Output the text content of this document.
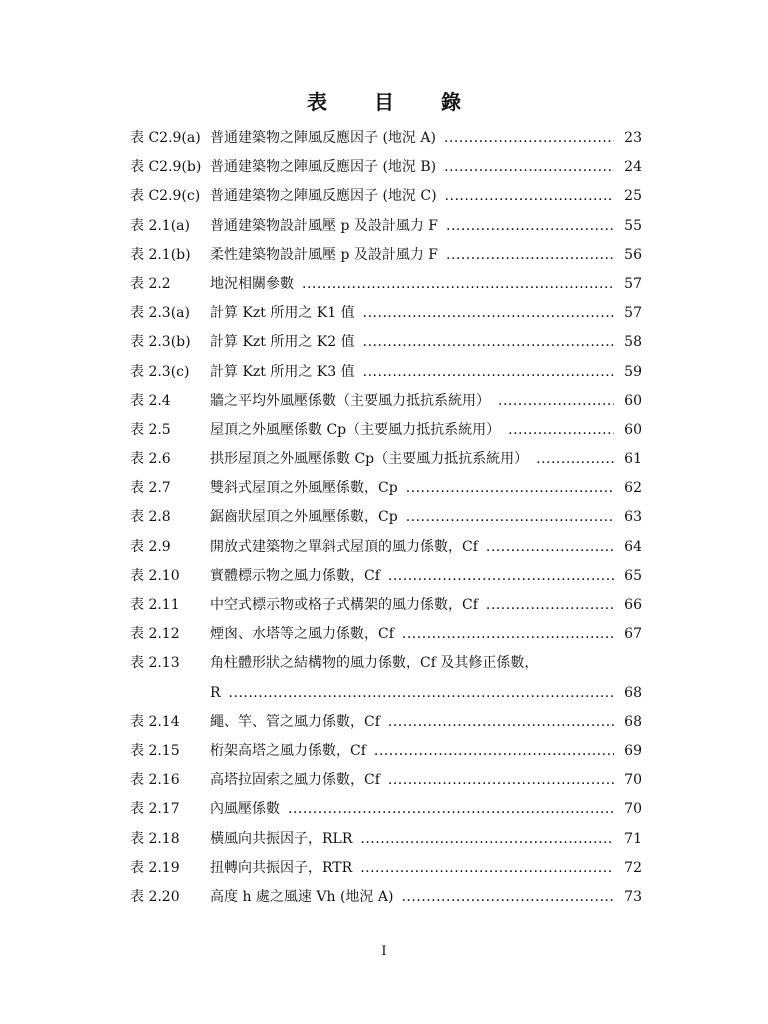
表 目 錄
表 C2.9(a) 普通建築物之陣風反應因子 (地況 A) .....	23
表 C2.9(b) 普通建築物之陣風反應因子 (地況 B) .....	24
表 C2.9(c) 普通建築物之陣風反應因子 (地況 C) .....	25
表 2.1(a)	普通建築物設計風壓 p 及設計風力 F .....	55
表 2.1(b)	柔性建築物設計風壓 p 及設計風力 F .....	56
表 2.2	地況相關參數 .....	57
表 2.3(a)	計算 Kzt 所用之 K1 值 .....	57
表 2.3(b)	計算 Kzt 所用之 K2 值 .....	58
表 2.3(c)	計算 Kzt 所用之 K3 值 .....	59
表 2.4	牆之平均外風壓係數（主要風力抵抗系統用） .....	60
表 2.5	屋頂之外風壓係數 Cp（主要風力抵抗系統用） .....	60
表 2.6	拱形屋頂之外風壓係數 Cp（主要風力抵抗系統用） .....	61
表 2.7	雙斜式屋頂之外風壓係數，Cp .....	62
表 2.8	鋸齒狀屋頂之外風壓係數，Cp .....	63
表 2.9	開放式建築物之單斜式屋頂的風力係數，Cf .....	64
表 2.10	實體標示物之風力係數，Cf .....	65
表 2.11	中空式標示物或格子式構架的風力係數，Cf .....	66
表 2.12	煙囪、水塔等之風力係數，Cf .....	67
表 2.13	角柱體形狀之結構物的風力係數，Cf 及其修正係數，
R .....	68
表 2.14	繩、竿、管之風力係數，Cf .....	68
表 2.15	桁架高塔之風力係數，Cf .....	69
表 2.16	高塔拉固索之風力係數，Cf .....	70
表 2.17	內風壓係數 .....	70
表 2.18	橫風向共振因子，RLR .....	71
表 2.19	扭轉向共振因子，RTR .....	72
表 2.20	高度 h 處之風速 Vh (地況 A) .....	73
I
